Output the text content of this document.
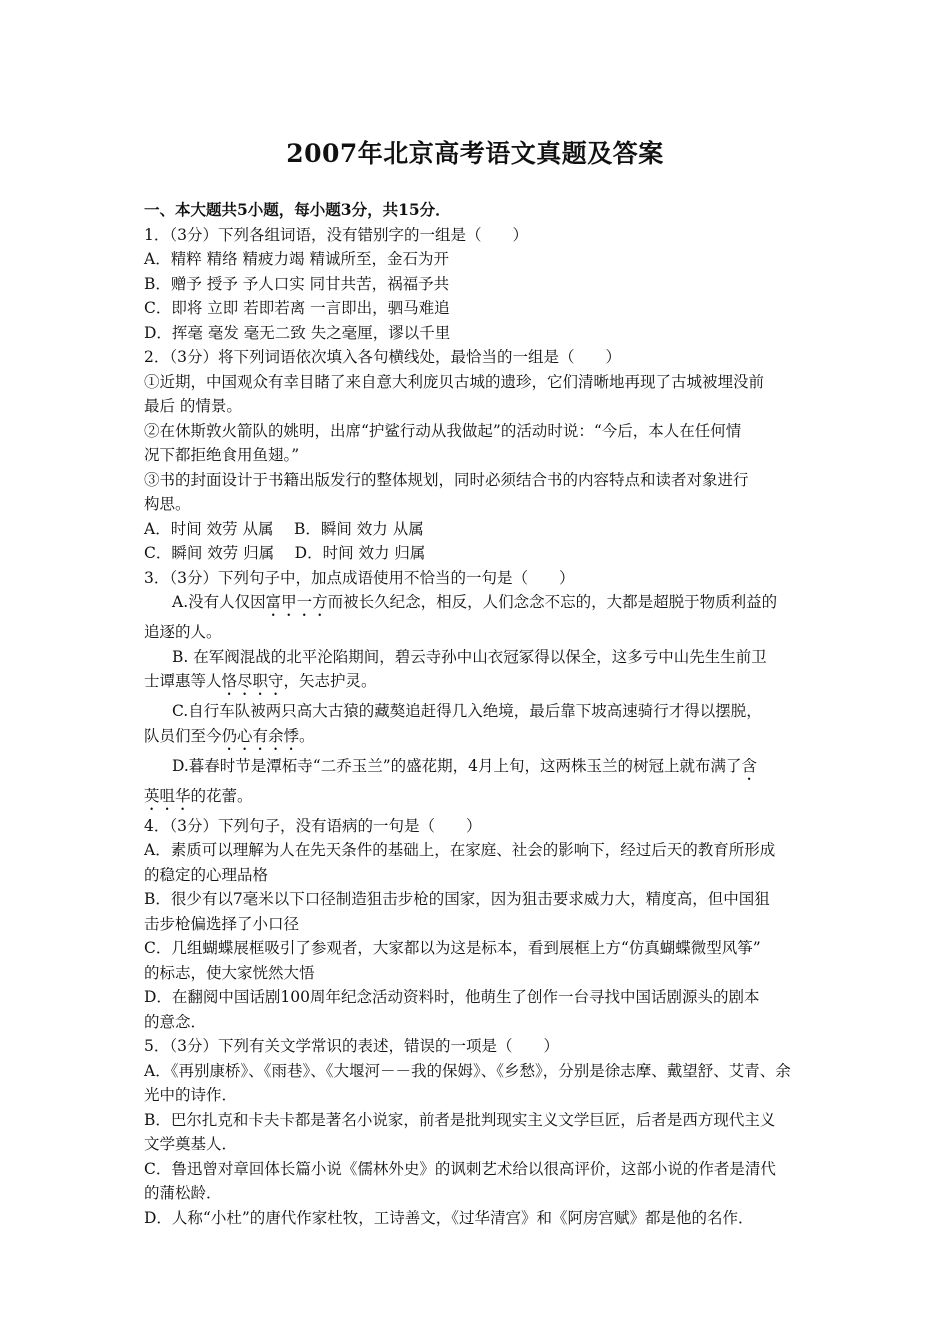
2007年北京高考语文真题及答案
一、本大题共5小题，每小题3分，共15分．
1．（3分）下列各组词语，没有错别字的一组是（　　）
A．精粹 精络 精疲力竭 精诚所至，金石为开
B．赠予 授予 予人口实 同甘共苦，祸福予共
C．即将 立即 若即若离 一言即出，驷马难追
D．挥毫 毫发 毫无二致 失之毫厘，谬以千里
2．（3分）将下列词语依次填入各句横线处，最恰当的一组是（　　）
①近期，中国观众有幸目睹了来自意大利庞贝古城的遗珍，它们清晰地再现了古城被埋没前
最后 的情景。
②在休斯敦火箭队的姚明，出席“护鲨行动从我做起”的活动时说：“今后，本人在任何情
况下都拒绝食用鱼翅。”
③书的封面设计于书籍出版发行的整体规划，同时必须结合书的内容特点和读者对象进行
构思。
A．时间 效劳 从属　 B．瞬间 效力 从属
C．瞬间 效劳 归属　 D．时间 效力 归属
3．（3分）下列句子中，加点成语使用不恰当的一句是（　　）
A.没有人仅因富甲一方而被长久纪念，相反，人们念念不忘的，大都是超脱于物质利益的
追逐的人。
B. 在军阀混战的北平沦陷期间，碧云寺孙中山衣冠冢得以保全，这多亏中山先生生前卫
士谭惠等人恪尽职守，矢志护灵。
C.自行车队被两只高大古猿的藏獒追赶得几入绝境，最后靠下坡高速骑行才得以摆脱，
队员们至今仍心有余悸。
D.暮春时节是潭柘寺“二乔玉兰”的盛花期，4月上旬，这两株玉兰的树冠上就布满了含
英咀华的花蕾。
4．（3分）下列句子，没有语病的一句是（　　）
A．素质可以理解为人在先天条件的基础上，在家庭、社会的影响下，经过后天的教育所形成
的稳定的心理品格
B．很少有以7毫米以下口径制造狙击步枪的国家，因为狙击要求威力大，精度高，但中国狙
击步枪偏选择了小口径
C．几组蝴蝶展框吸引了参观者，大家都以为这是标本，看到展框上方“仿真蝴蝶微型风筝”
的标志，使大家恍然大悟
D．在翻阅中国话剧100周年纪念活动资料时，他萌生了创作一台寻找中国话剧源头的剧本
的意念．
5．（3分）下列有关文学常识的表述，错误的一项是（　　）
A．《再别康桥》、《雨巷》、《大堰河－－我的保姆》、《乡愁》，分别是徐志摩、戴望舒、艾青、余
光中的诗作．
B．巴尔扎克和卡夫卡都是著名小说家，前者是批判现实主义文学巨匠，后者是西方现代主义
文学奠基人．
C．鲁迅曾对章回体长篇小说《儒林外史》的讽刺艺术给以很高评价，这部小说的作者是清代
的蒲松龄．
D．人称“小杜”的唐代作家杜牧，工诗善文，《过华清宫》和《阿房宫赋》都是他的名作．
